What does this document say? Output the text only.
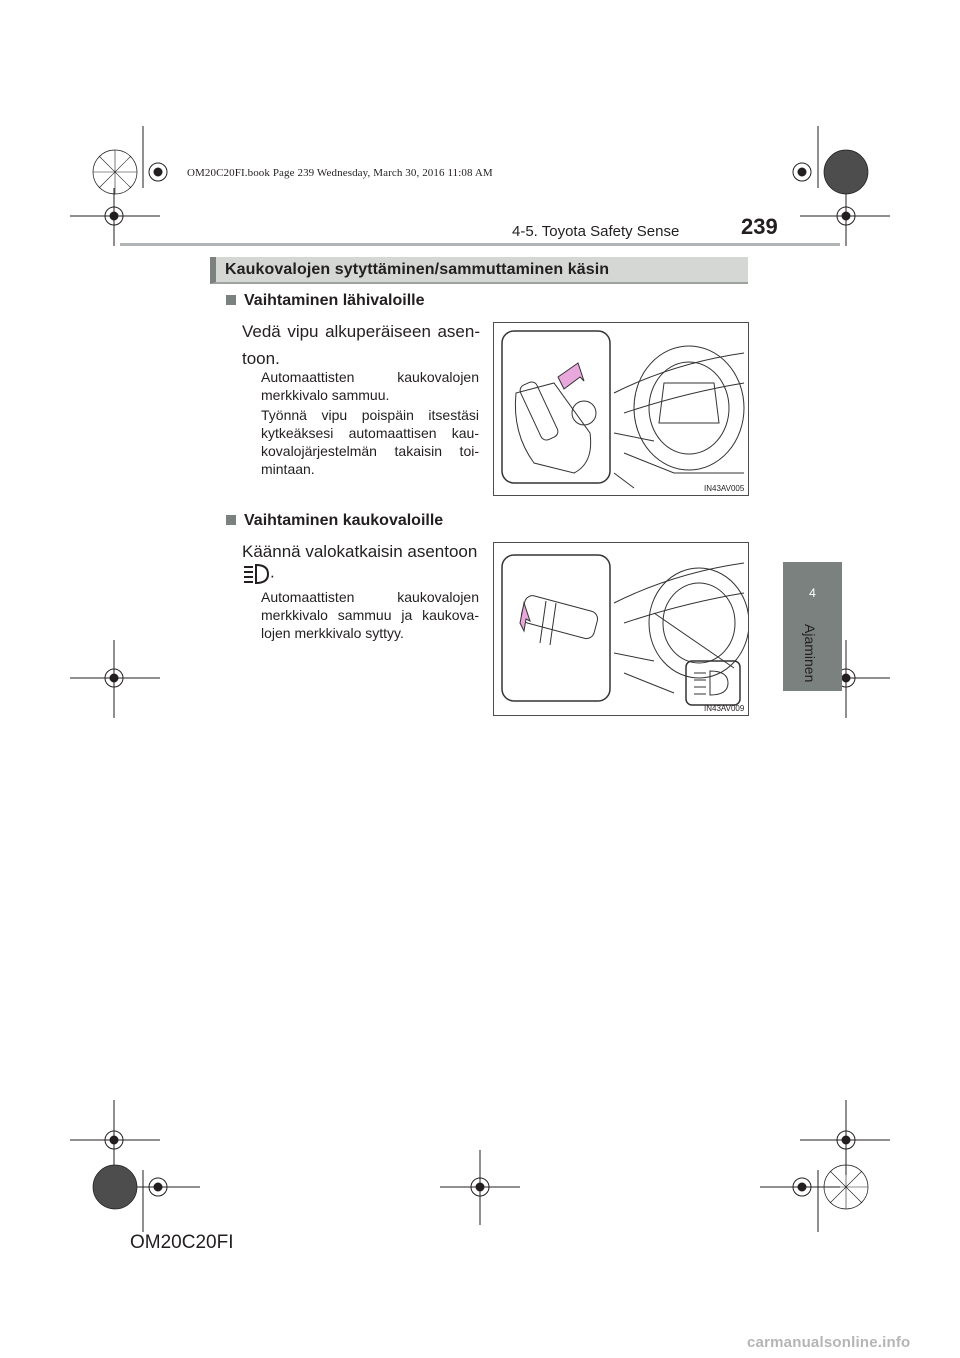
OM20C20FI.book Page 239 Wednesday, March 30, 2016 11:08 AM
4-5. Toyota Safety Sense	239
4
Ajaminen
Kaukovalojen sytyttäminen/sammuttaminen käsin
Vaihtaminen lähivaloille
Vedä vipu alkuperäiseen asen-toon.
Automaattisten kaukovalojen merkkivalo sammuu.
Työnnä vipu poispäin itsestäsi kytkeäksesi automaattisen kau-kovalojärjestelmän takaisin toi-mintaan.
IN43AV005
Vaihtaminen kaukovaloille
Käännä valokatkaisin asentoon
.
Automaattisten kaukovalojen merkkivalo sammuu ja kaukova-lojen merkkivalo syttyy.
IN43AV009
OM20C20FI
carmanualsonline.info
